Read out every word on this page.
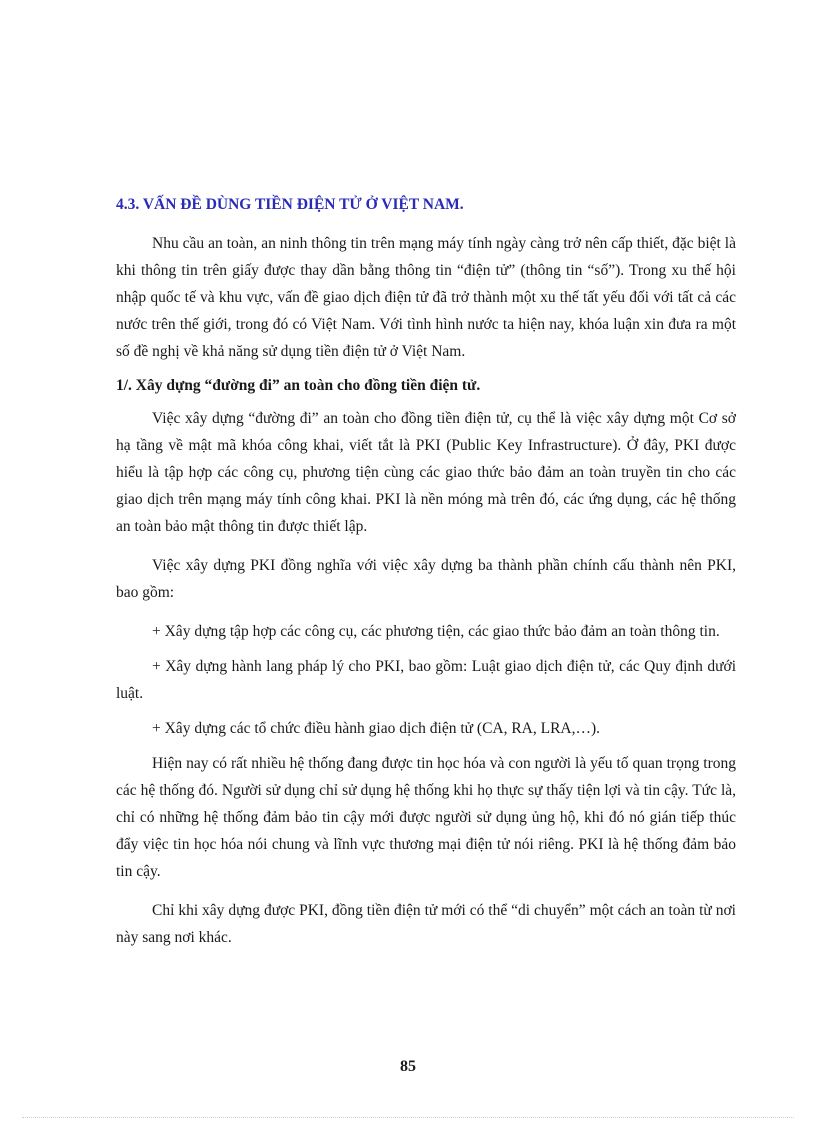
4.3. VẤN ĐỀ DÙNG TIỀN ĐIỆN TỬ Ở VIỆT NAM.

Nhu cầu an toàn, an ninh thông tin trên mạng máy tính ngày càng trở nên cấp thiết, đặc biệt là khi thông tin trên giấy được thay dần bằng thông tin “điện tử” (thông tin “số”). Trong xu thế hội nhập quốc tế và khu vực, vấn đề giao dịch điện tử đã trở thành một xu thế tất yếu đối với tất cả các nước trên thế giới, trong đó có Việt Nam. Với tình hình nước ta hiện nay, khóa luận xin đưa ra một số đề nghị về khả năng sử dụng tiền điện tử ở Việt Nam.

1/. Xây dựng “đường đi” an toàn cho đồng tiền điện tử.

Việc xây dựng “đường đi” an toàn cho đồng tiền điện tử, cụ thể là việc xây dựng một Cơ sở hạ tầng về mật mã khóa công khai, viết tắt là PKI (Public Key Infrastructure). Ở đây, PKI được hiểu là tập hợp các công cụ, phương tiện cùng các giao thức bảo đảm an toàn truyền tin cho các giao dịch trên mạng máy tính công khai. PKI là nền móng mà trên đó, các ứng dụng, các hệ thống an toàn bảo mật thông tin được thiết lập.

Việc xây dựng PKI đồng nghĩa với việc xây dựng ba thành phần chính cấu thành nên PKI, bao gồm:

+ Xây dựng tập hợp các công cụ, các phương tiện, các giao thức bảo đảm an toàn thông tin.

+ Xây dựng hành lang pháp lý cho PKI, bao gồm: Luật giao dịch điện tử, các Quy định dưới luật.

+ Xây dựng các tổ chức điều hành giao dịch điện tử (CA, RA, LRA,…).

Hiện nay có rất nhiều hệ thống đang được tin học hóa và con người là yếu tố quan trọng trong các hệ thống đó. Người sử dụng chỉ sử dụng hệ thống khi họ thực sự thấy tiện lợi và tin cậy. Tức là, chỉ có những hệ thống đảm bảo tin cậy mới được người sử dụng ủng hộ, khi đó nó gián tiếp thúc đẩy việc tin học hóa nói chung và lĩnh vực thương mại điện tử nói riêng. PKI là hệ thống đảm bảo tin cậy.

Chỉ khi xây dựng được PKI, đồng tiền điện tử mới có thể “di chuyển” một cách an toàn từ nơi này sang nơi khác.

85
